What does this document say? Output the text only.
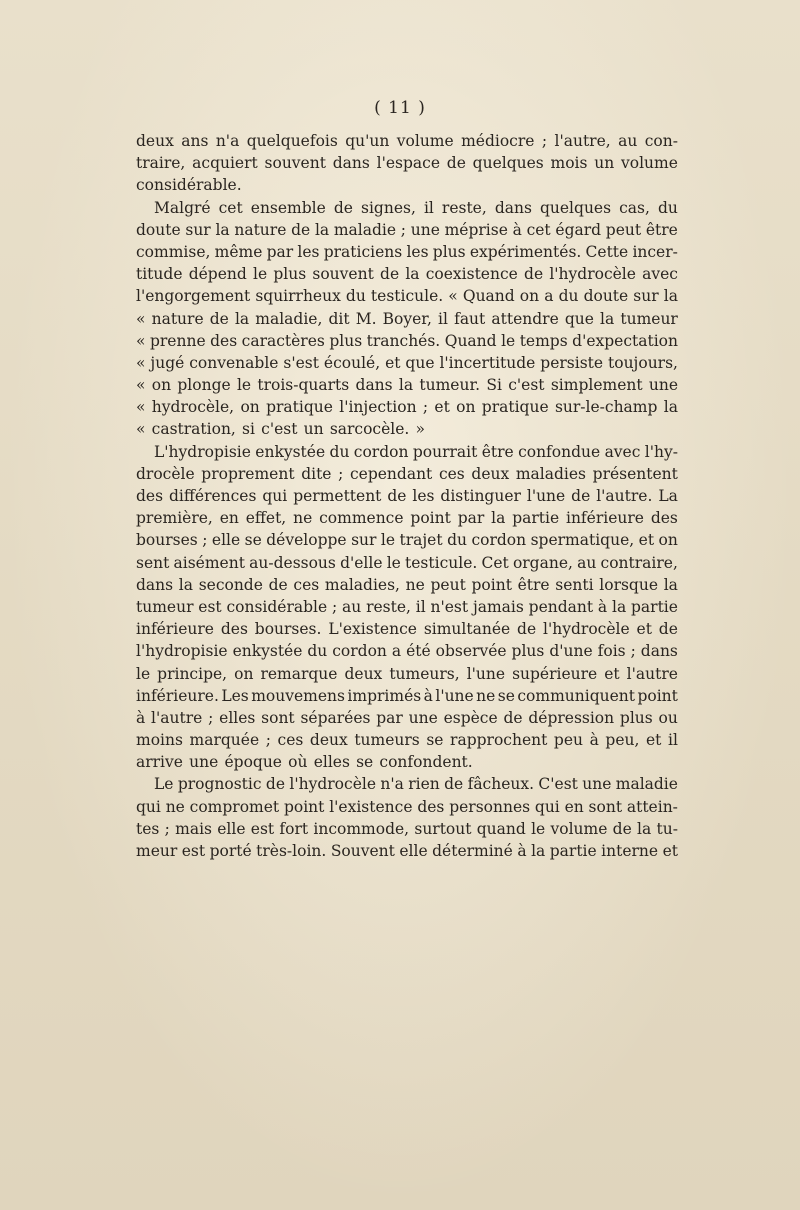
( 11 )
deux ans n'a quelquefois qu'un volume médiocre ; l'autre, au con-
traire, acquiert souvent dans l'espace de quelques mois un volume
considérable.
Malgré cet ensemble de signes, il reste, dans quelques cas, du
doute sur la nature de la maladie ; une méprise à cet égard peut être
commise, même par les praticiens les plus expérimentés. Cette incer-
titude dépend le plus souvent de la coexistence de l'hydrocèle avec
l'engorgement squirrheux du testicule. « Quand on a du doute sur la
« nature de la maladie, dit M. Boyer, il faut attendre que la tumeur
« prenne des caractères plus tranchés. Quand le temps d'expectation
« jugé convenable s'est écoulé, et que l'incertitude persiste toujours,
« on plonge le trois-quarts dans la tumeur. Si c'est simplement une
« hydrocèle, on pratique l'injection ; et on pratique sur-le-champ la
« castration, si c'est un sarcocèle. »
L'hydropisie enkystée du cordon pourrait être confondue avec l'hy-
drocèle proprement dite ; cependant ces deux maladies présentent
des différences qui permettent de les distinguer l'une de l'autre. La
première, en effet, ne commence point par la partie inférieure des
bourses ; elle se développe sur le trajet du cordon spermatique, et on
sent aisément au-dessous d'elle le testicule. Cet organe, au contraire,
dans la seconde de ces maladies, ne peut point être senti lorsque la
tumeur est considérable ; au reste, il n'est jamais pendant à la partie
inférieure des bourses. L'existence simultanée de l'hydrocèle et de
l'hydropisie enkystée du cordon a été observée plus d'une fois ; dans
le principe, on remarque deux tumeurs, l'une supérieure et l'autre
inférieure. Les mouvemens imprimés à l'une ne se communiquent point
à l'autre ; elles sont séparées par une espèce de dépression plus ou
moins marquée ; ces deux tumeurs se rapprochent peu à peu, et il
arrive une époque où elles se confondent.
Le prognostic de l'hydrocèle n'a rien de fâcheux. C'est une maladie
qui ne compromet point l'existence des personnes qui en sont attein-
tes ; mais elle est fort incommode, surtout quand le volume de la tu-
meur est porté très-loin. Souvent elle déterminé à la partie interne et
